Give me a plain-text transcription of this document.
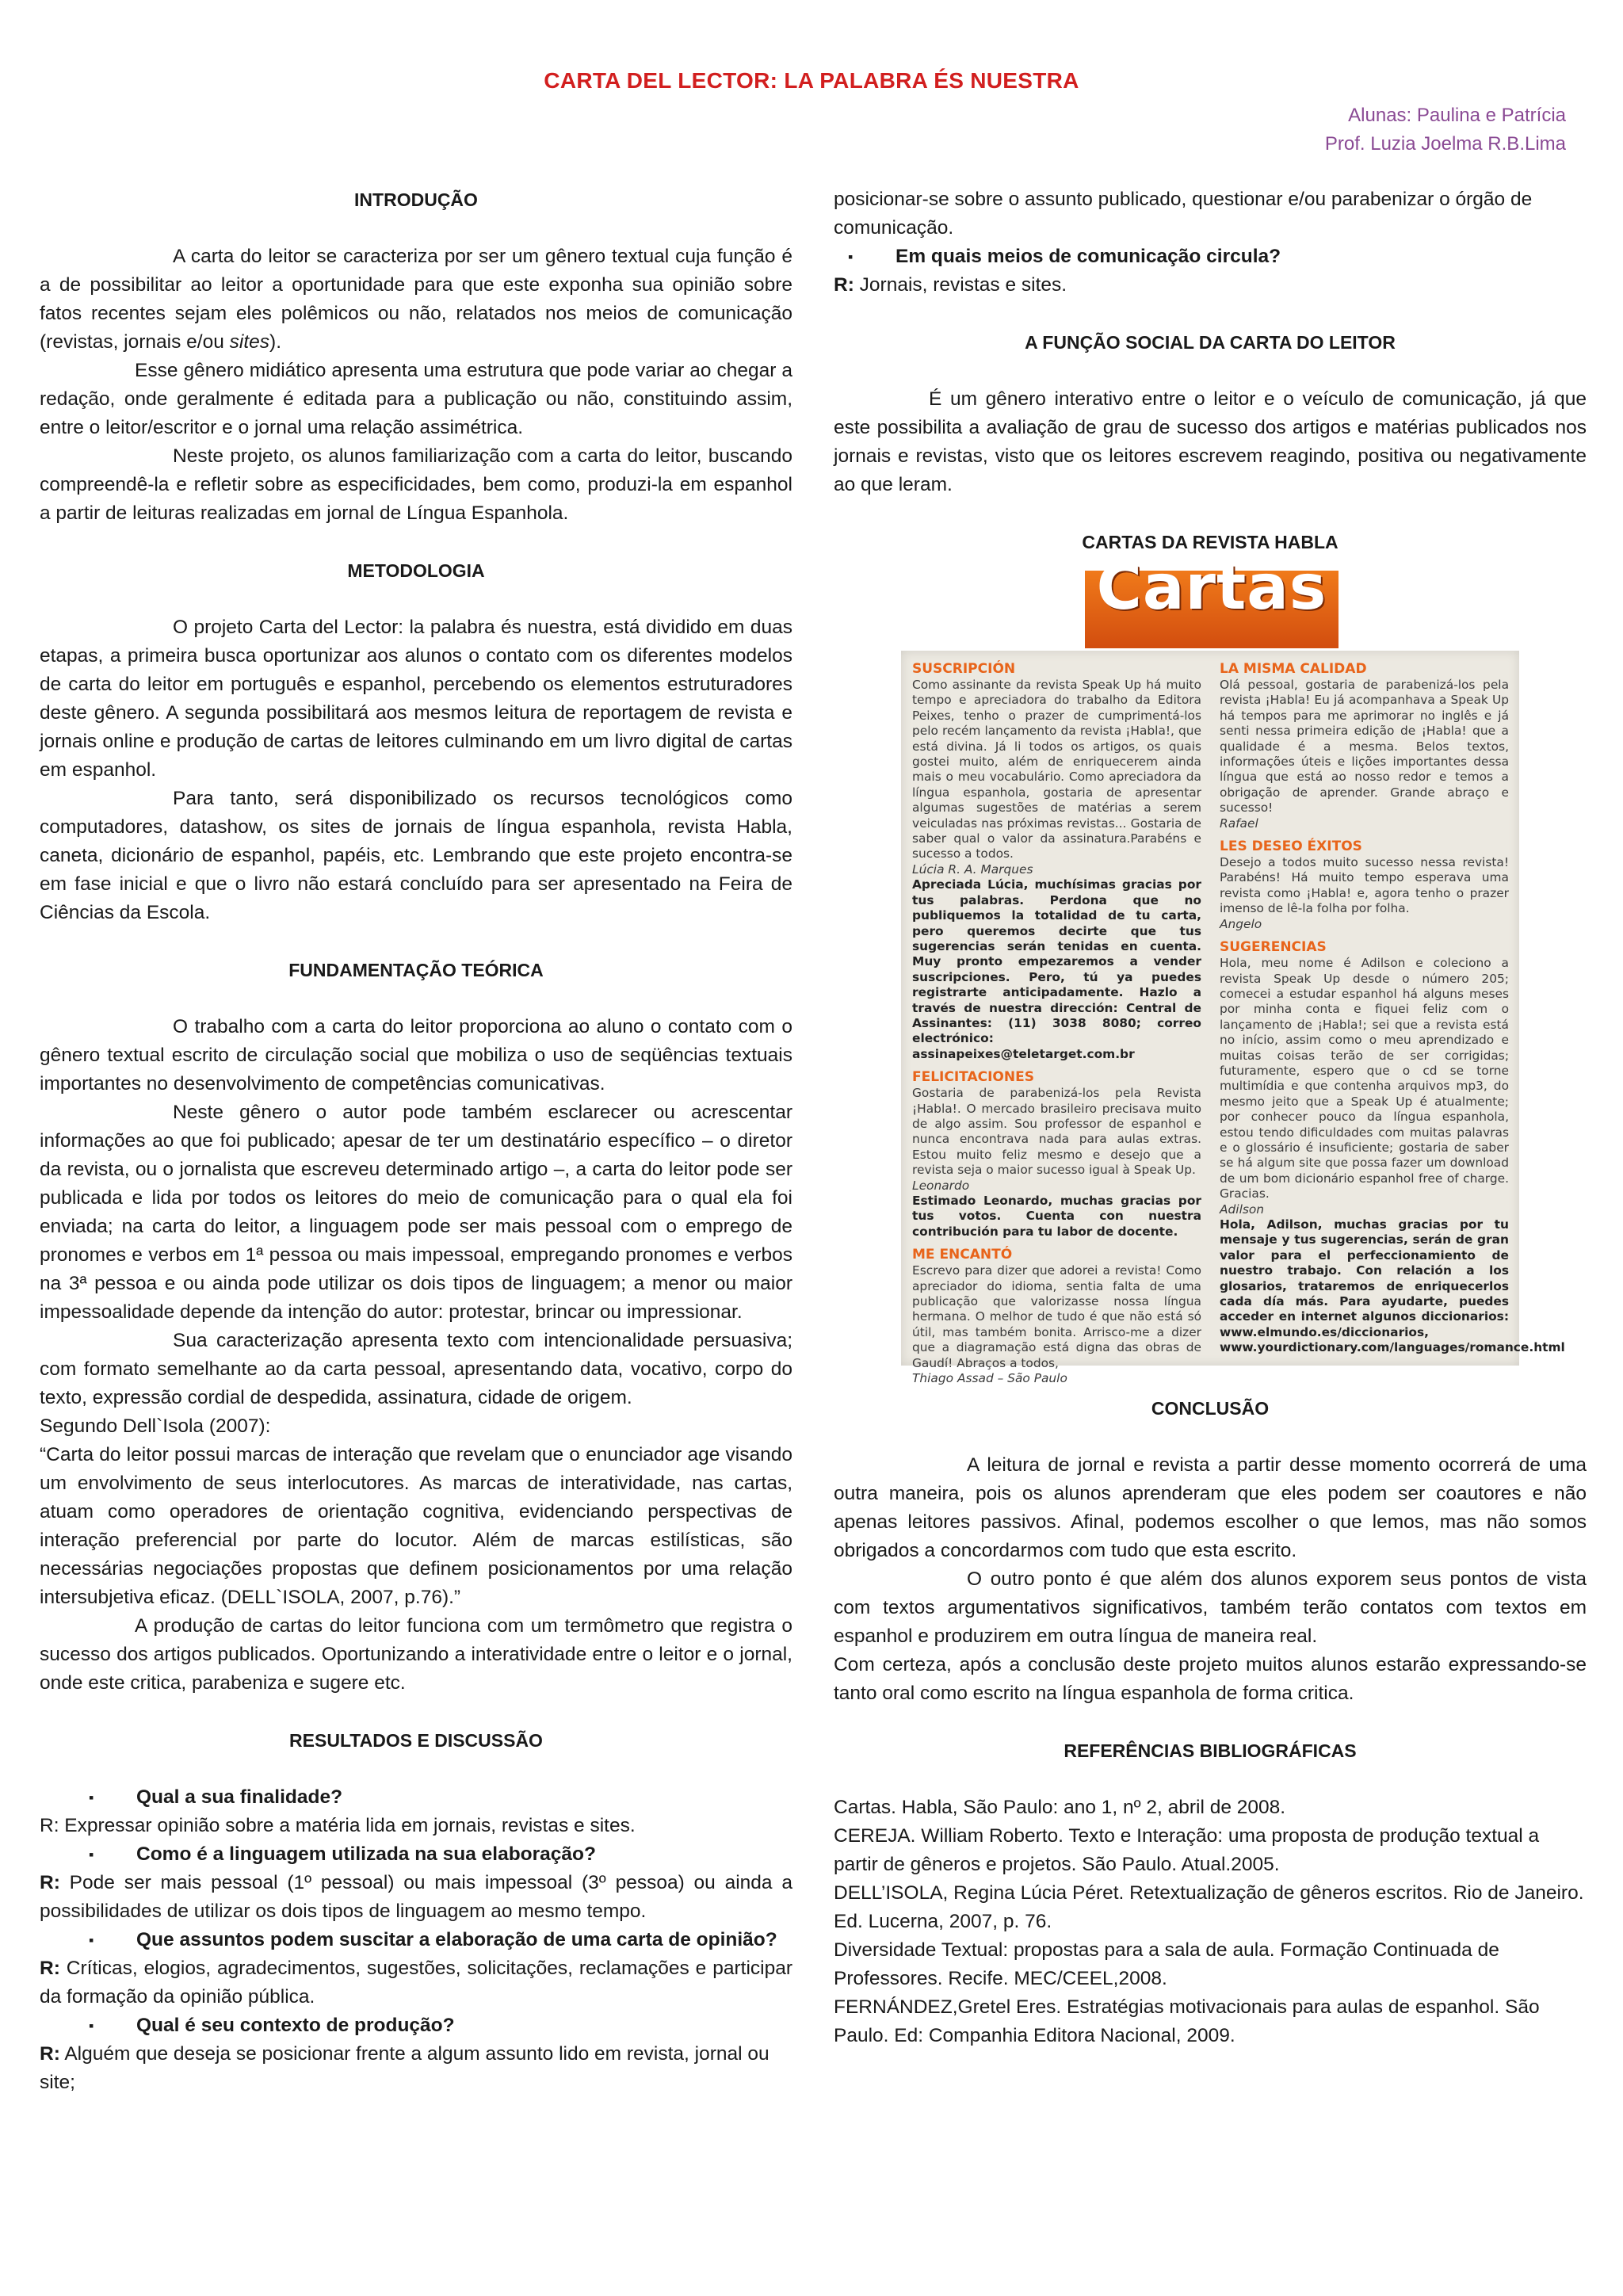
CARTA DEL LECTOR: LA PALABRA ÉS NUESTRA
Alunas: Paulina e Patrícia
Prof. Luzia Joelma R.B.Lima
INTRODUÇÃO

A carta do leitor se caracteriza por ser um gênero textual cuja função é a de possibilitar ao leitor a oportunidade para que este exponha sua opinião sobre fatos recentes sejam eles polêmicos ou não, relatados nos meios de comunicação (revistas, jornais e/ou sites).

Esse gênero midiático apresenta uma estrutura que pode variar ao chegar a redação, onde geralmente é editada para a publicação ou não, constituindo assim, entre o leitor/escritor e o jornal uma relação assimétrica.

Neste projeto, os alunos familiarização com a carta do leitor, buscando compreendê-la e refletir sobre as especificidades, bem como, produzi-la em espanhol a partir de leituras realizadas em jornal de Língua Espanhola.

METODOLOGIA

O projeto Carta del Lector: la palabra és nuestra, está dividido em duas etapas, a primeira busca oportunizar aos alunos o contato com os diferentes modelos de carta do leitor em português e espanhol, percebendo os elementos estruturadores deste gênero. A segunda possibilitará aos mesmos leitura de reportagem de revista e jornais online e produção de cartas de leitores culminando em um livro digital de cartas em espanhol.

Para tanto, será disponibilizado os recursos tecnológicos como computadores, datashow, os sites de jornais de língua espanhola, revista Habla, caneta, dicionário de espanhol, papéis, etc. Lembrando que este projeto encontra-se em fase inicial e que o livro não estará concluído para ser apresentado na Feira de Ciências da Escola.

FUNDAMENTAÇÃO TEÓRICA

O trabalho com a carta do leitor proporciona ao aluno o contato com o gênero textual escrito de circulação social que mobiliza o uso de seqüências textuais importantes no desenvolvimento de competências comunicativas.

Neste gênero o autor pode também esclarecer ou acrescentar informações ao que foi publicado; apesar de ter um destinatário específico – o diretor da revista, ou o jornalista que escreveu determinado artigo –, a carta do leitor pode ser publicada e lida por todos os leitores do meio de comunicação para o qual ela foi enviada; na carta do leitor, a linguagem pode ser mais pessoal com o emprego de pronomes e verbos em 1ª pessoa ou mais impessoal, empregando pronomes e verbos na 3ª pessoa e ou ainda pode utilizar os dois tipos de linguagem; a menor ou maior impessoalidade depende da intenção do autor: protestar, brincar ou impressionar.

Sua caracterização apresenta texto com intencionalidade persuasiva; com formato semelhante ao da carta pessoal, apresentando data, vocativo, corpo do texto, expressão cordial de despedida, assinatura, cidade de origem.

Segundo Dell`Isola (2007):

“Carta do leitor possui marcas de interação que revelam que o enunciador age visando um envolvimento de seus interlocutores. As marcas de interatividade, nas cartas, atuam como operadores de orientação cognitiva, evidenciando perspectivas de interação preferencial por parte do locutor. Além de marcas estilísticas, são necessárias negociações propostas que definem posicionamentos por uma relação intersubjetiva eficaz. (DELL`ISOLA, 2007, p.76).”

A produção de cartas do leitor funciona com um termômetro que registra o sucesso dos artigos publicados. Oportunizando a interatividade entre o leitor e o jornal, onde este critica, parabeniza e sugere etc.

RESULTADOS E DISCUSSÃO
▪	Qual a sua finalidade?

R: Expressar opinião sobre a matéria lida em jornais, revistas e sites.

▪	Como é a linguagem utilizada na sua elaboração?

R: Pode ser mais pessoal (1º pessoal) ou mais impessoal (3º pessoa) ou ainda a possibilidades de utilizar os dois tipos de linguagem ao mesmo tempo.

▪	Que assuntos podem suscitar a elaboração de uma carta de opinião?

R: Críticas, elogios, agradecimentos, sugestões, solicitações, reclamações e participar da formação da opinião pública.

▪	Qual é seu contexto de produção?

R: Alguém que deseja se posicionar frente a algum assunto lido em revista, jornal ou site;

posicionar-se sobre o assunto publicado, questionar e/ou parabenizar o órgão de comunicação.

▪	Em quais meios de comunicação circula?

R: Jornais, revistas e sites.

A FUNÇÃO SOCIAL DA CARTA DO LEITOR

É um gênero interativo entre o leitor e o veículo de comunicação, já que este possibilita a avaliação de grau de sucesso dos artigos e matérias publicados nos jornais e revistas, visto que os leitores escrevem reagindo, positiva ou negativamente ao que leram.

CARTAS DA REVISTA HABLA
Cartas
SUSCRIPCIÓN

Como assinante da revista Speak Up há muito tempo e apreciadora do trabalho da Editora Peixes, tenho o prazer de cumprimentá-los pelo recém lançamento da revista ¡Habla!, que está divina. Já li todos os artigos, os quais gostei muito, além de enriquecerem ainda mais o meu vocabulário. Como apreciadora da língua espanhola, gostaria de apresentar algumas sugestões de matérias a serem veiculadas nas próximas revistas... Gostaria de saber qual o valor da assinatura.Parabéns e sucesso a todos.

Lúcia R. A. Marques

Apreciada Lúcia, muchísimas gracias por tus palabras. Perdona que no publiquemos la totalidad de tu carta, pero queremos decirte que tus sugerencias serán tenidas en cuenta. Muy pronto empezaremos a vender suscripciones. Pero, tú ya puedes registrarte anticipadamente. Hazlo a través de nuestra dirección: Central de Assinantes: (11) 3038 8080; correo electrónico: assinapeixes@teletarget.com.br

FELICITACIONES

Gostaria de parabenizá-los pela Revista ¡Habla!. O mercado brasileiro precisava muito de algo assim. Sou professor de espanhol e nunca encontrava nada para aulas extras. Estou muito feliz mesmo e desejo que a revista seja o maior sucesso igual à Speak Up.

Leonardo

Estimado Leonardo, muchas gracias por tus votos. Cuenta con nuestra contribución para tu labor de docente.

ME ENCANTÓ

Escrevo para dizer que adorei a revista! Como apreciador do idioma, sentia falta de uma publicação que valorizasse nossa língua hermana. O melhor de tudo é que não está só útil, mas também bonita. Arrisco-me a dizer que a diagramação está digna das obras de Gaudí! Abraços a todos,

Thiago Assad – São Paulo

LA MISMA CALIDAD

Olá pessoal, gostaria de parabenizá-los pela revista ¡Habla! Eu já acompanhava a Speak Up há tempos para me aprimorar no inglês e já senti nessa primeira edição de ¡Habla! que a qualidade é a mesma. Belos textos, informações úteis e lições importantes dessa língua que está ao nosso redor e temos a obrigação de aprender. Grande abraço e sucesso!

Rafael

LES DESEO ÉXITOS

Desejo a todos muito sucesso nessa revista! Parabéns! Há muito tempo esperava uma revista como ¡Habla! e, agora tenho o prazer imenso de lê-la folha por folha.

Angelo

SUGERENCIAS

Hola, meu nome é Adilson e coleciono a revista Speak Up desde o número 205; comecei a estudar espanhol há alguns meses por minha conta e fiquei feliz com o lançamento de ¡Habla!; sei que a revista está no início, assim como o meu aprendizado e muitas coisas terão de ser corrigidas; futuramente, espero que o cd se torne multimídia e que contenha arquivos mp3, do mesmo jeito que a Speak Up é atualmente; por conhecer pouco da língua espanhola, estou tendo dificuldades com muitas palavras e o glossário é insuficiente; gostaria de saber se há algum site que possa fazer um download de um bom dicionário espanhol free of charge. Gracias.

Adilson

Hola, Adilson, muchas gracias por tu mensaje y tus sugerencias, serán de gran valor para el perfeccionamiento de nuestro trabajo. Con relación a los glosarios, trataremos de enriquecerlos cada día más. Para ayudarte, puedes acceder en internet algunos diccionarios: www.elmundo.es/diccionarios, www.yourdictionary.com/languages/romance.html

CONCLUSÃO

A leitura de jornal e revista a partir desse momento ocorrerá de uma outra maneira, pois os alunos aprenderam que eles podem ser coautores e não apenas leitores passivos. Afinal, podemos escolher o que lemos, mas não somos obrigados a concordarmos com tudo que esta escrito.

O outro ponto é que além dos alunos exporem seus pontos de vista com textos argumentativos significativos, também terão contatos com textos em espanhol e produzirem em outra língua de maneira real.

Com certeza, após a conclusão deste projeto muitos alunos estarão expressando-se tanto oral como escrito na língua espanhola de forma critica.

REFERÊNCIAS BIBLIOGRÁFICAS

Cartas. Habla, São Paulo: ano 1, nº 2, abril de 2008.

CEREJA. William Roberto. Texto e Interação: uma proposta de produção textual a partir de gêneros e projetos. São Paulo. Atual.2005.

DELL’ISOLA, Regina Lúcia Péret. Retextualização de gêneros escritos. Rio de Janeiro. Ed. Lucerna, 2007, p. 76.

Diversidade Textual: propostas para a sala de aula. Formação Continuada de Professores. Recife. MEC/CEEL,2008.

FERNÁNDEZ,Gretel Eres. Estratégias motivacionais para aulas de espanhol. São Paulo. Ed: Companhia Editora Nacional, 2009.
